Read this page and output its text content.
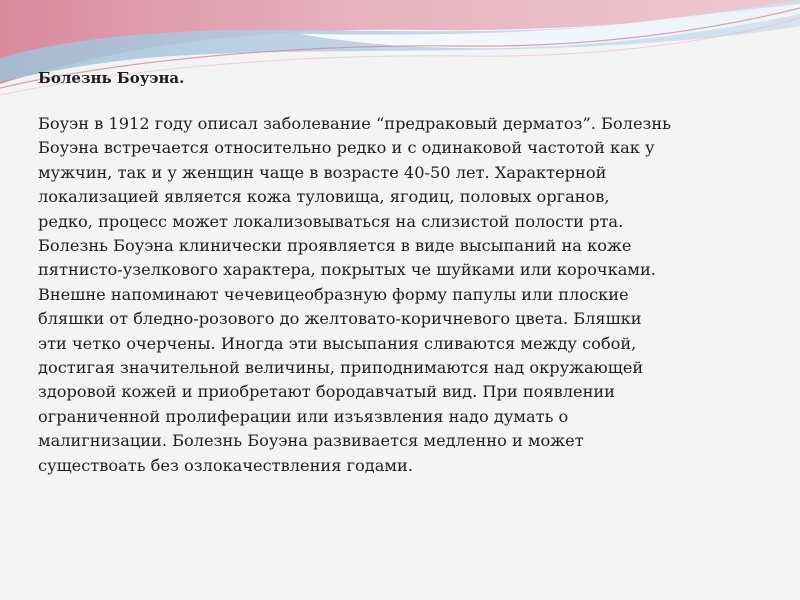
Болезнь Боуэна.

Боуэн в 1912 году описал заболевание “предраковый дерматоз”. Болезнь
Боуэна встречается относительно редко и с одинаковой частотой как у
мужчин, так и у женщин чаще в возрасте 40-50 лет. Характерной
локализацией является кожа туловища, ягодиц, половых органов,
редко, процесс может локализовываться на слизистой полости рта.
Болезнь Боуэна клинически проявляется в виде высыпаний на коже
пятнисто-узелкового характера, покрытых че шуйками или корочками.
Внешне напоминают чечевицеобразную форму папулы или плоские
бляшки от бледно-розового до желтовато-коричневого цвета. Бляшки
эти четко очерчены. Иногда эти высыпания сливаются между собой,
достигая значительной величины, приподнимаются над окружающей
здоровой кожей и приобретают бородавчатый вид. При появлении
ограниченной пролиферации или изъязвления надо думать о
малигнизации. Болезнь Боуэна развивается медленно и может
существоать без озлокачествления годами.
